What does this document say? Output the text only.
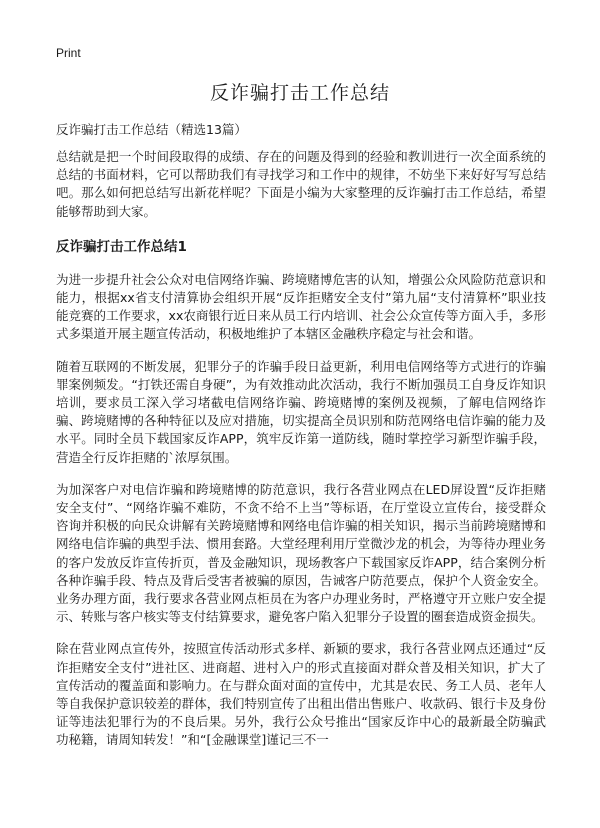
Print
反诈骗打击工作总结
反诈骗打击工作总结（精选13篇）

总结就是把一个时间段取得的成绩、存在的问题及得到的经验和教训进行一次全面系统的总结的书面材料，它可以帮助我们有寻找学习和工作中的规律，不妨坐下来好好写写总结吧。那么如何把总结写出新花样呢？下面是小编为大家整理的反诈骗打击工作总结，希望能够帮助到大家。

反诈骗打击工作总结1

为进一步提升社会公众对电信网络诈骗、跨境赌博危害的认知，增强公众风险防范意识和能力，根据xx省支付清算协会组织开展“反诈拒赌安全支付”第九届“支付清算杯”职业技能竞赛的工作要求，xx农商银行近日来从员工行内培训、社会公众宣传等方面入手，多形式多渠道开展主题宣传活动，积极地维护了本辖区金融秩序稳定与社会和谐。

随着互联网的不断发展，犯罪分子的诈骗手段日益更新，利用电信网络等方式进行的诈骗罪案例频发。“打铁还需自身硬”，为有效推动此次活动，我行不断加强员工自身反诈知识培训，要求员工深入学习堵截电信网络诈骗、跨境赌博的案例及视频，了解电信网络诈骗、跨境赌博的各种特征以及应对措施，切实提高全员识别和防范网络电信诈骗的能力及水平。同时全员下载国家反诈APP，筑牢反诈第一道防线，随时掌控学习新型诈骗手段，营造全行反诈拒赌的`浓厚氛围。

为加深客户对电信诈骗和跨境赌博的防范意识，我行各营业网点在LED屏设置“反诈拒赌安全支付”、“网络诈骗不难防，不贪不给不上当”等标语，在厅堂设立宣传台，接受群众咨询并积极的向民众讲解有关跨境赌博和网络电信诈骗的相关知识，揭示当前跨境赌博和网络电信诈骗的典型手法、惯用套路。大堂经理利用厅堂微沙龙的机会，为等待办理业务的客户发放反诈宣传折页，普及金融知识，现场教客户下载国家反诈APP，结合案例分析各种诈骗手段、特点及背后受害者被骗的原因，告诫客户防范要点，保护个人资金安全。业务办理方面，我行要求各营业网点柜员在为客户办理业务时，严格遵守开立账户安全提示、转账与客户核实等支付结算要求，避免客户陷入犯罪分子设置的圈套造成资金损失。

除在营业网点宣传外，按照宣传活动形式多样、新颖的要求，我行各营业网点还通过“反诈拒赌安全支付”进社区、进商超、进村入户的形式直接面对群众普及相关知识，扩大了宣传活动的覆盖面和影响力。在与群众面对面的宣传中，尤其是农民、务工人员、老年人等自我保护意识较差的群体，我们特别宣传了出租出借出售账户、收款码、银行卡及身份证等违法犯罪行为的不良后果。另外，我行公众号推出“国家反诈中心的最新最全防骗武功秘籍，请周知转发！”和“[金融课堂]谨记三不一
